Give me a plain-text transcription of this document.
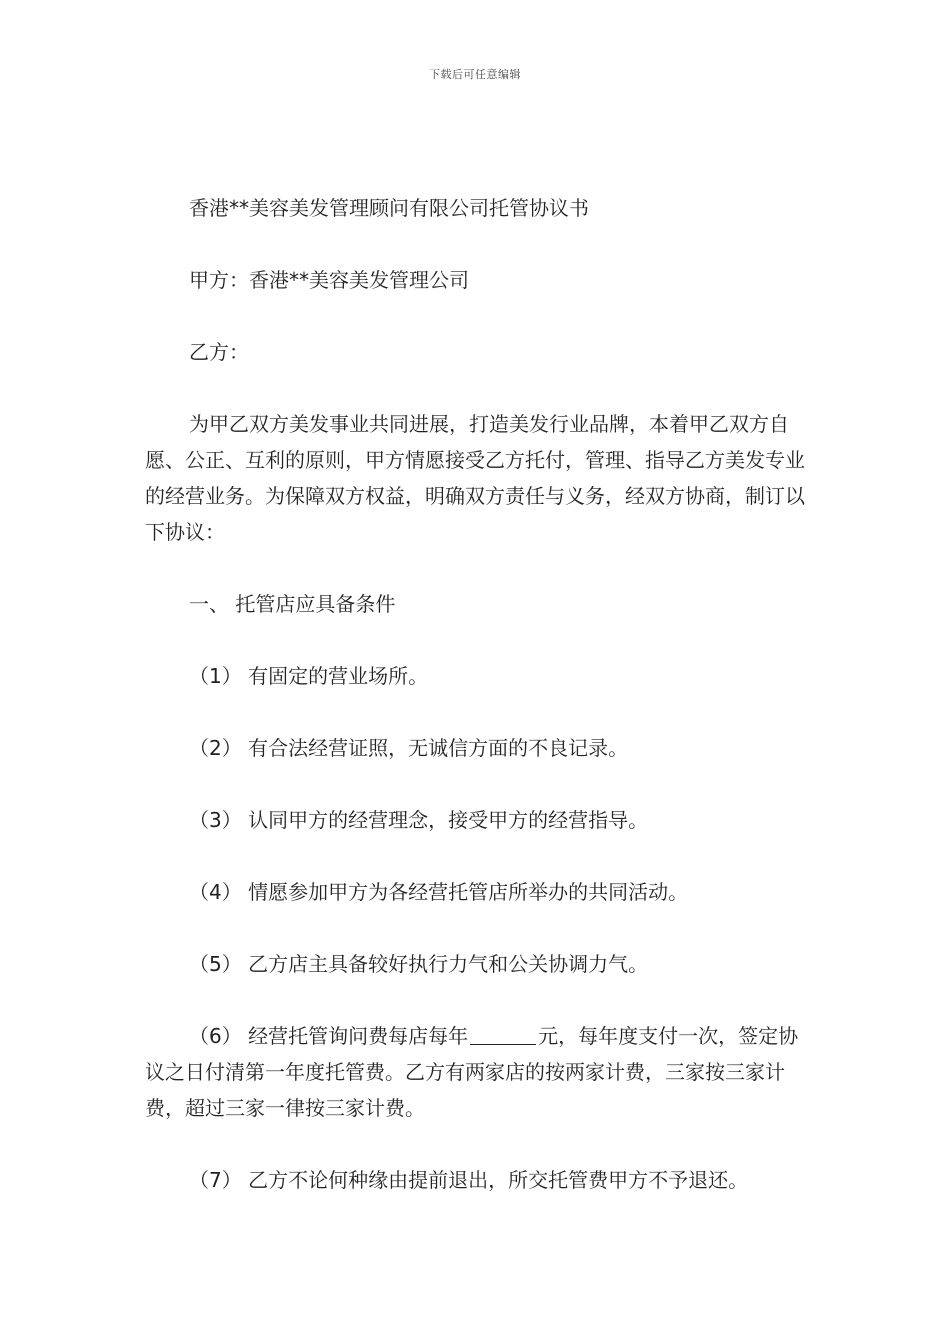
下载后可任意编辑

香港**美容美发管理顾问有限公司托管协议书

甲方：香港**美容美发管理公司

乙方：

为甲乙双方美发事业共同进展，打造美发行业品牌，本着甲乙双方自愿、公正、互利的原则，甲方情愿接受乙方托付，管理、指导乙方美发专业的经营业务。为保障双方权益，明确双方责任与义务，经双方协商，制订以下协议：

一、 托管店应具备条件

（1） 有固定的营业场所。

（2） 有合法经营证照，无诚信方面的不良记录。

（3） 认同甲方的经营理念，接受甲方的经营指导。

（4） 情愿参加甲方为各经营托管店所举办的共同活动。

（5） 乙方店主具备较好执行力气和公关协调力气。

（6） 经营托管询问费每店每年	元，每年度支付一次，签定协议之日付清第一年度托管费。乙方有两家店的按两家计费，三家按三家计费，超过三家一律按三家计费。

（7） 乙方不论何种缘由提前退出，所交托管费甲方不予退还。
